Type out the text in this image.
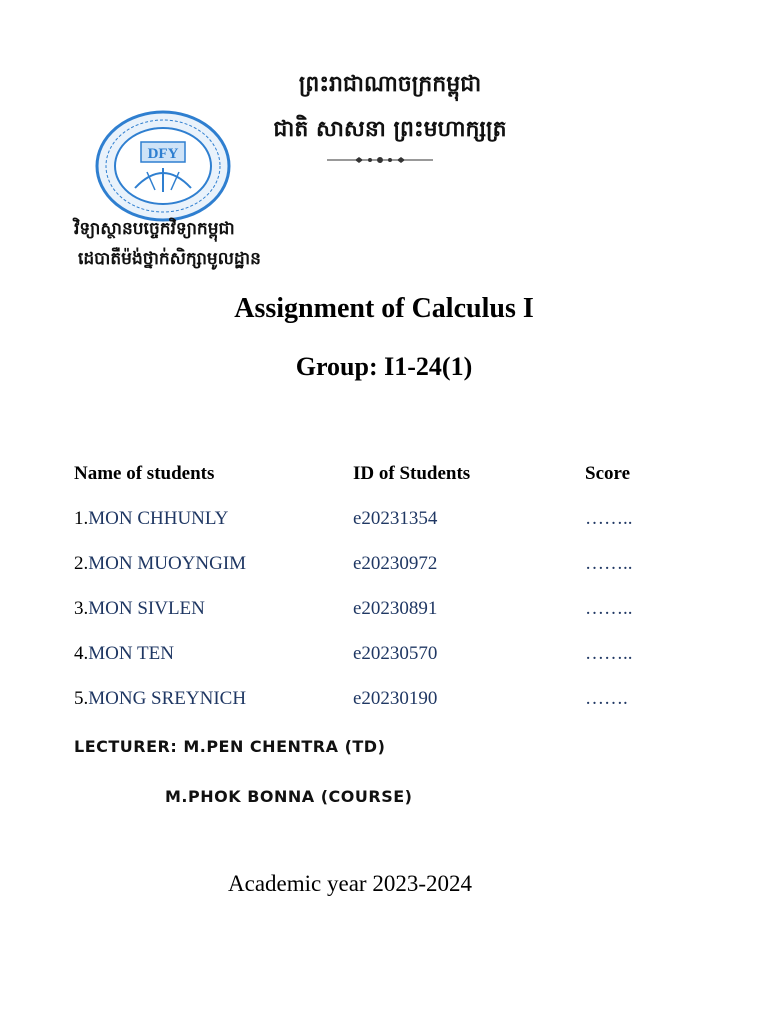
ព្រះរាជាណាចក្រកម្ពុជា
ជាតិ សាសនា ព្រះមហាក្សត្រ
DFY
វិទ្យាស្ថានបច្ចេកវិទ្យាកម្ពុជា
ដេបាតឺម៉ង់ថ្នាក់សិក្សាមូលដ្ឋាន
Assignment of Calculus I
Group: I1-24(1)
Name of students	ID of Students	Score
1.MON CHHUNLY	e20231354	……..
2.MON MUOYNGIM	e20230972	……..
3.MON SIVLEN	e20230891	……..
4.MON TEN	e20230570	……..
5.MONG SREYNICH	e20230190	…….
LECTURER: M.PEN CHENTRA (TD)
M.PHOK BONNA (COURSE)
Academic year 2023-2024
